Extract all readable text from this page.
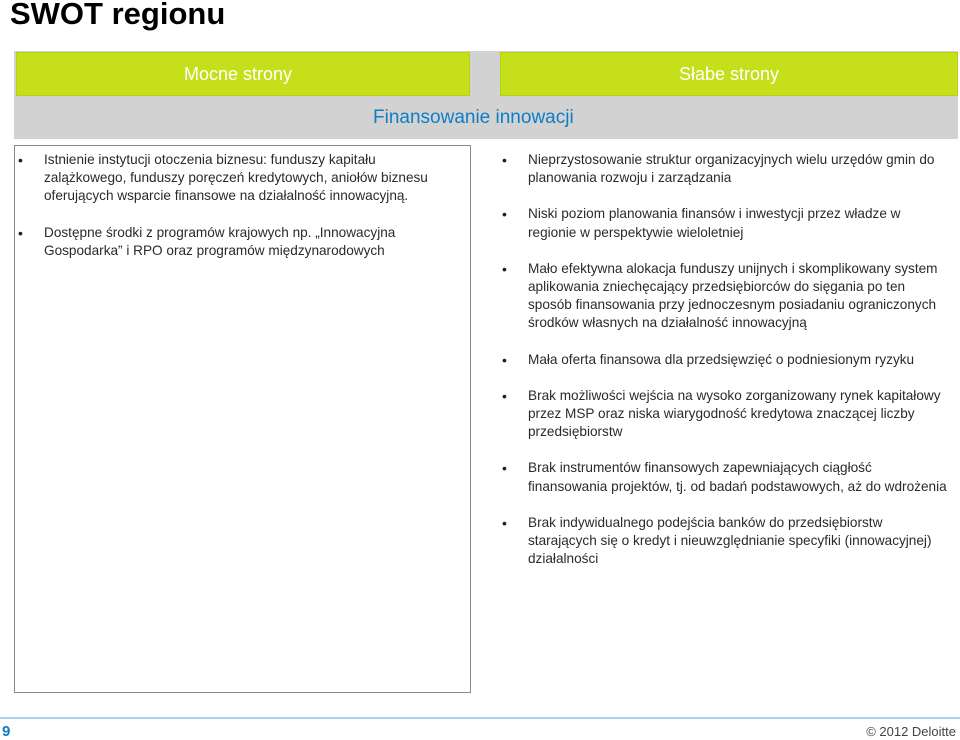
SWOT regionu
Mocne strony	Słabe strony
Finansowanie innowacji
• Istnienie instytucji otoczenia biznesu: funduszy kapitału zalążkowego, funduszy poręczeń kredytowych, aniołów biznesu oferujących wsparcie finansowe na działalność innowacyjną.
• Dostępne środki z programów krajowych np. „Innowacyjna Gospodarka” i RPO oraz programów międzynarodowych
• Nieprzystosowanie struktur organizacyjnych wielu urzędów gmin do planowania rozwoju i zarządzania
• Niski poziom planowania finansów i inwestycji przez władze w regionie w perspektywie wieloletniej
• Mało efektywna alokacja funduszy unijnych i skomplikowany system aplikowania zniechęcający przedsiębiorców do sięgania po ten sposób finansowania przy jednoczesnym posiadaniu ograniczonych środków własnych na działalność innowacyjną
• Mała oferta finansowa dla przedsięwzięć o podniesionym ryzyku
• Brak możliwości wejścia na wysoko zorganizowany rynek kapitałowy przez MSP oraz niska wiarygodność kredytowa znaczącej liczby przedsiębiorstw
• Brak instrumentów finansowych zapewniających ciągłość finansowania projektów, tj. od badań podstawowych, aż do wdrożenia
• Brak indywidualnego podejścia banków do przedsiębiorstw starających się o kredyt i nieuwzględnianie specyfiki (innowacyjnej) działalności
9	© 2012 Deloitte
